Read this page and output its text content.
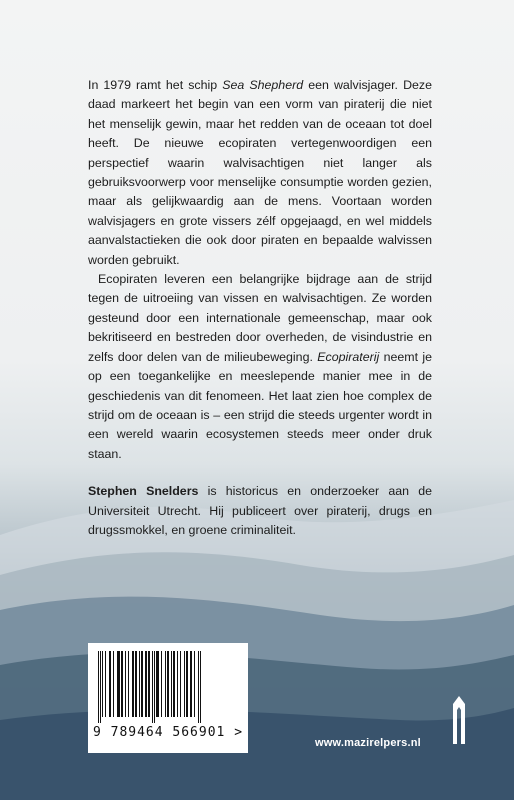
In 1979 ramt het schip Sea Shepherd een walvisjager. Deze daad markeert het begin van een vorm van piraterij die niet het menselijk gewin, maar het redden van de oceaan tot doel heeft. De nieuwe ecopiraten vertegenwoordigen een perspectief waarin walvisachtigen niet langer als gebruiksvoorwerp voor menselijke consumptie worden gezien, maar als gelijkwaardig aan de mens. Voortaan worden walvisjagers en grote vissers zélf opgejaagd, en wel middels aanvalstactieken die ook door piraten en bepaalde walvissen worden gebruikt.

Ecopiraten leveren een belangrijke bijdrage aan de strijd tegen de uitroeiing van vissen en walvisachtigen. Ze worden gesteund door een internationale gemeenschap, maar ook bekritiseerd en bestreden door overheden, de visindustrie en zelfs door delen van de milieubeweging. Ecopiraterij neemt je op een toegankelijke en meeslepende manier mee in de geschiedenis van dit fenomeen. Het laat zien hoe complex de strijd om de oceaan is – een strijd die steeds urgenter wordt in een wereld waarin ecosystemen steeds meer onder druk staan.

Stephen Snelders is historicus en onderzoeker aan de Universiteit Utrecht. Hij publiceert over piraterij, drugs en drugssmokkel, en groene criminaliteit.

9 789464 566901 >
www.mazirelpers.nl
